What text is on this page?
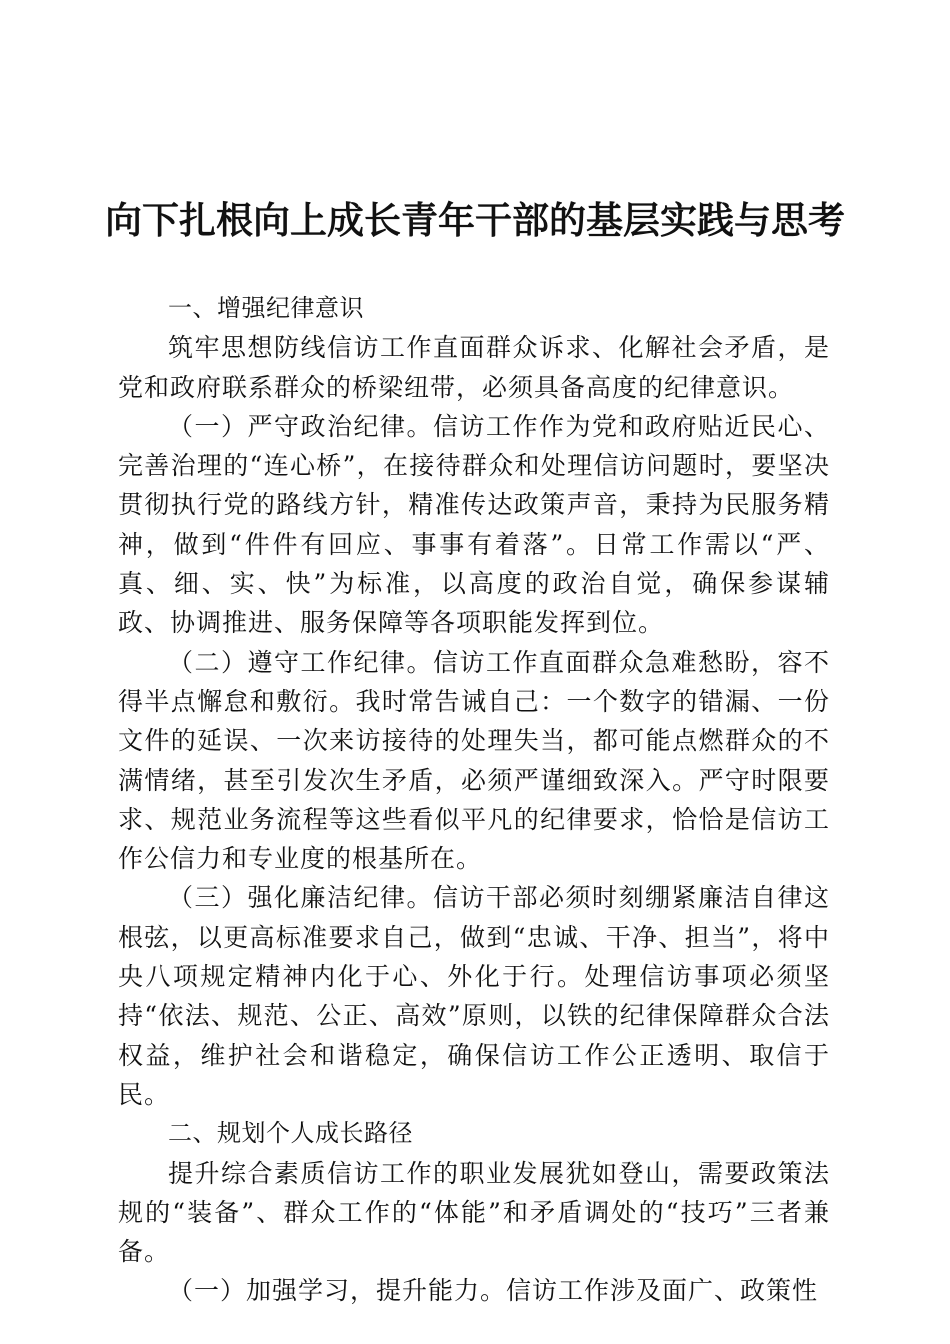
向下扎根向上成长青年干部的基层实践与思考

一、增强纪律意识

筑牢思想防线信访工作直面群众诉求、化解社会矛盾，是党和政府联系群众的桥梁纽带，必须具备高度的纪律意识。

（一）严守政治纪律。信访工作作为党和政府贴近民心、完善治理的“连心桥”，在接待群众和处理信访问题时，要坚决贯彻执行党的路线方针，精准传达政策声音，秉持为民服务精神，做到“件件有回应、事事有着落”。日常工作需以“严、真、细、实、快”为标准，以高度的政治自觉，确保参谋辅政、协调推进、服务保障等各项职能发挥到位。

（二）遵守工作纪律。信访工作直面群众急难愁盼，容不得半点懈怠和敷衍。我时常告诫自己：一个数字的错漏、一份文件的延误、一次来访接待的处理失当，都可能点燃群众的不满情绪，甚至引发次生矛盾，必须严谨细致深入。严守时限要求、规范业务流程等这些看似平凡的纪律要求，恰恰是信访工作公信力和专业度的根基所在。

（三）强化廉洁纪律。信访干部必须时刻绷紧廉洁自律这根弦，以更高标准要求自己，做到“忠诚、干净、担当”，将中央八项规定精神内化于心、外化于行。处理信访事项必须坚持“依法、规范、公正、高效”原则，以铁的纪律保障群众合法权益，维护社会和谐稳定，确保信访工作公正透明、取信于民。

二、规划个人成长路径

提升综合素质信访工作的职业发展犹如登山，需要政策法规的“装备”、群众工作的“体能”和矛盾调处的“技巧”三者兼备。

（一）加强学习，提升能力。信访工作涉及面广、政策性
